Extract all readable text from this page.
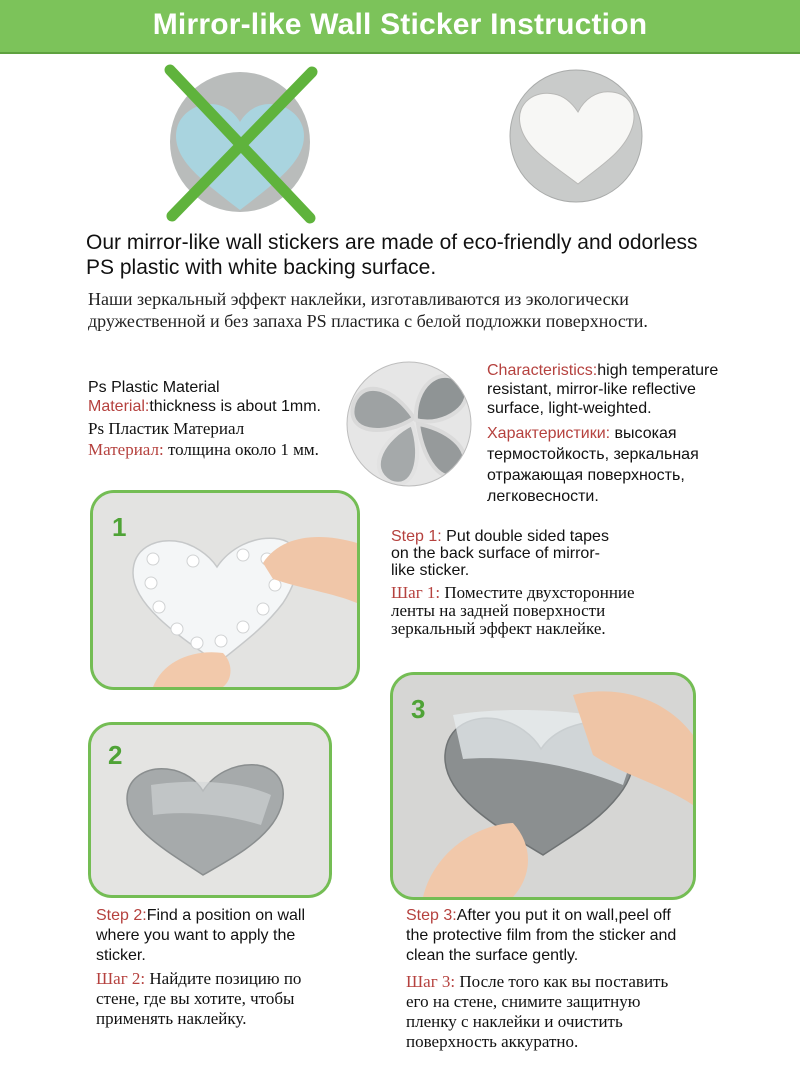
Mirror-like Wall Sticker Instruction
Our mirror-like wall stickers are made of eco-friendly and odorless PS plastic with white backing surface.
Наши зеркальный эффект наклейки, изготавливаются из экологически дружественной и без запаха PS пластика с белой подложки поверхности.
Ps Plastic Material
Material:thickness is about 1mm.
Ps Пластик Материал
Материал: толщина около 1 мм.
Characteristics:high temperature resistant, mirror-like reflective surface, light-weighted.
Характеристики: высокая термостойкость, зеркальная отражающая поверхность, легковесности.
1	Step 1: Put double sided tapes on the back surface of mirror-like sticker.
Шаг 1: Поместите двухсторонние ленты на задней поверхности зеркальный эффект наклейке.
3
2
Step 2:Find a position on wall where you want to apply the sticker.
Шаг 2: Найдите позицию по стене, где вы хотите, чтобы применять наклейку.
Step 3:After you put it on wall,peel off the protective film from the sticker and clean the surface gently.
Шаг 3: После того как вы поставить его на стене, снимите защитную пленку с наклейки и очистить поверхность аккуратно.
